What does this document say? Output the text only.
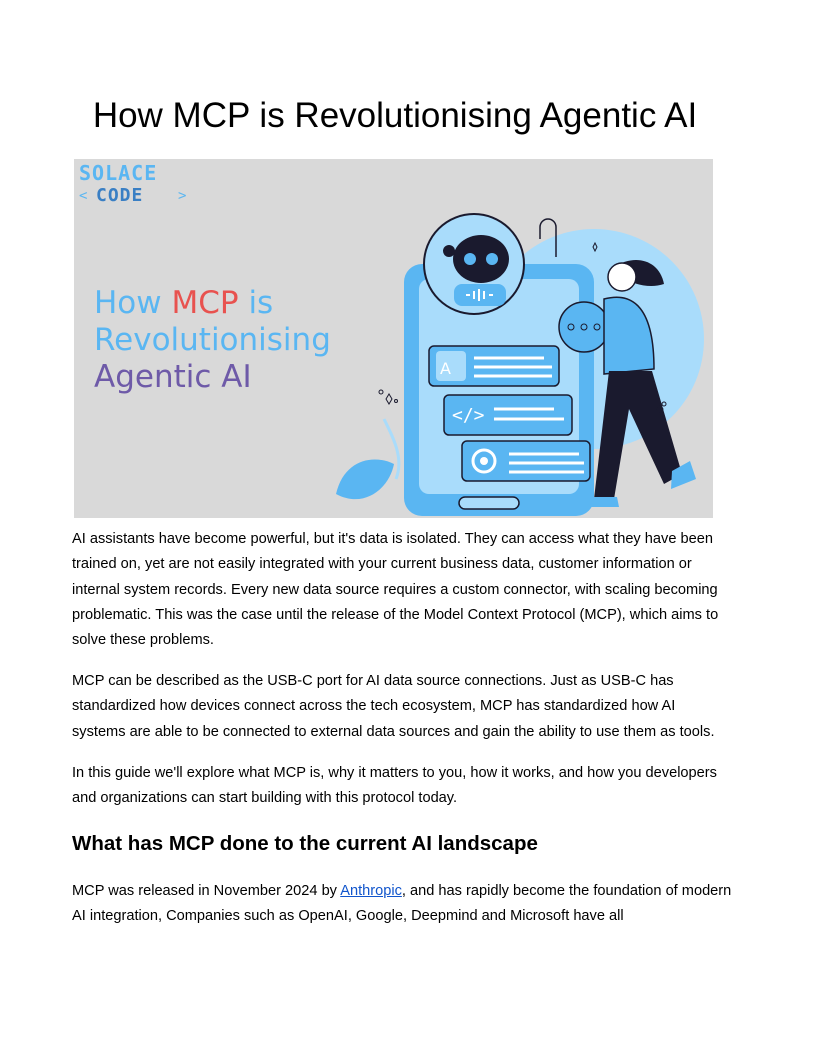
How MCP is Revolutionising Agentic AI
SOLACE
< CODE >
How MCP is
Revolutionising
Agentic AI	A
</>

AI assistants have become powerful, but it's data is isolated. They can access what they have been trained on, yet are not easily integrated with your current business data, customer information or internal system records. Every new data source requires a custom connector, with scaling becoming problematic. This was the case until the release of the Model Context Protocol (MCP), which aims to solve these problems.

MCP can be described as the USB-C port for AI data source connections. Just as USB-C has standardized how devices connect across the tech ecosystem, MCP has standardized how AI systems are able to be connected to external data sources and gain the ability to use them as tools.

In this guide we'll explore what MCP is, why it matters to you, how it works, and how you developers and organizations can start building with this protocol today.

What has MCP done to the current AI landscape

MCP was released in November 2024 by Anthropic, and has rapidly become the foundation of modern AI integration, Companies such as OpenAI, Google, Deepmind and Microsoft have all
